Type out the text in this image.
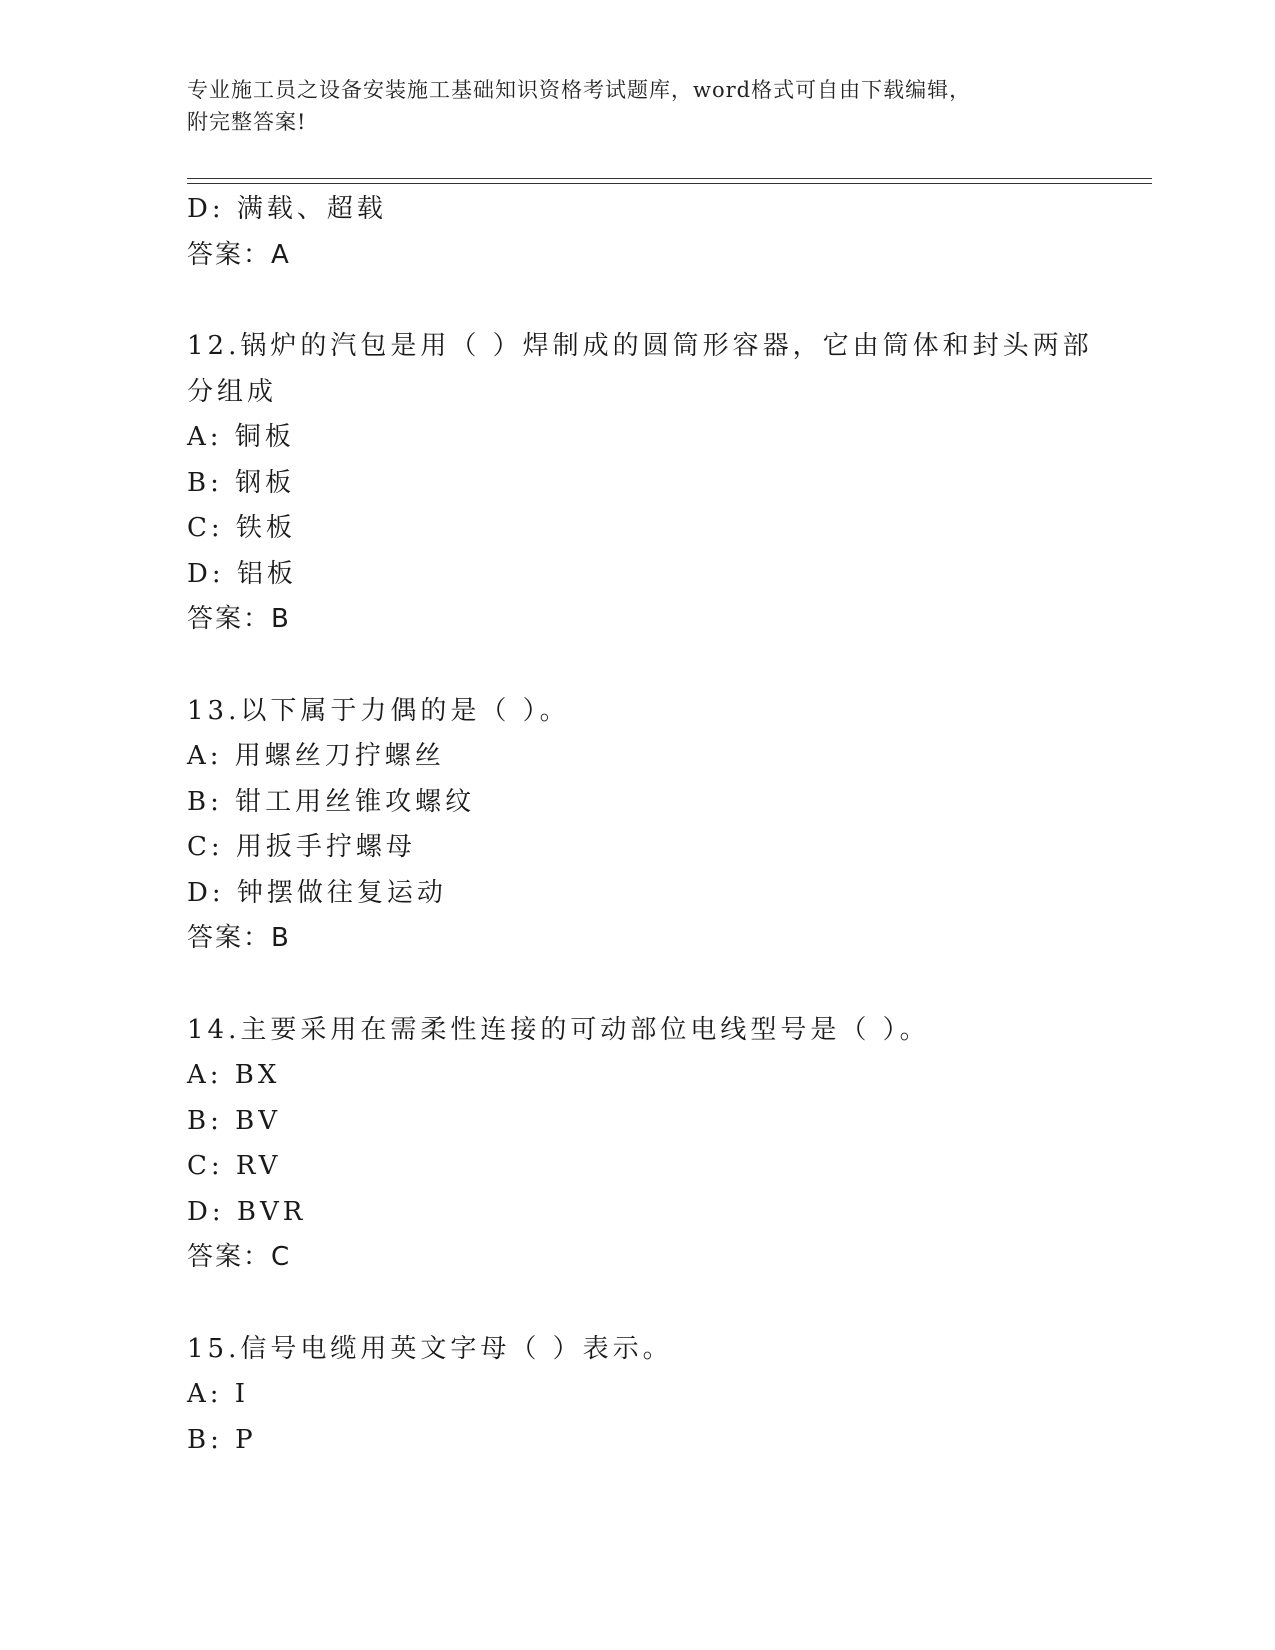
专业施工员之设备安装施工基础知识资格考试题库，word格式可自由下载编辑，
附完整答案!
D: 满载、超载
答案：A
12.锅炉的汽包是用（ ）焊制成的圆筒形容器，它由筒体和封头两部
分组成
A: 铜板
B: 钢板
C: 铁板
D: 铝板
答案：B
13.以下属于力偶的是（ ）。
A: 用螺丝刀拧螺丝
B: 钳工用丝锥攻螺纹
C: 用扳手拧螺母
D: 钟摆做往复运动
答案：B
14.主要采用在需柔性连接的可动部位电线型号是（ ）。
A: BX
B: BV
C: RV
D: BVR
答案：C
15.信号电缆用英文字母（ ）表示。
A: I
B: P
